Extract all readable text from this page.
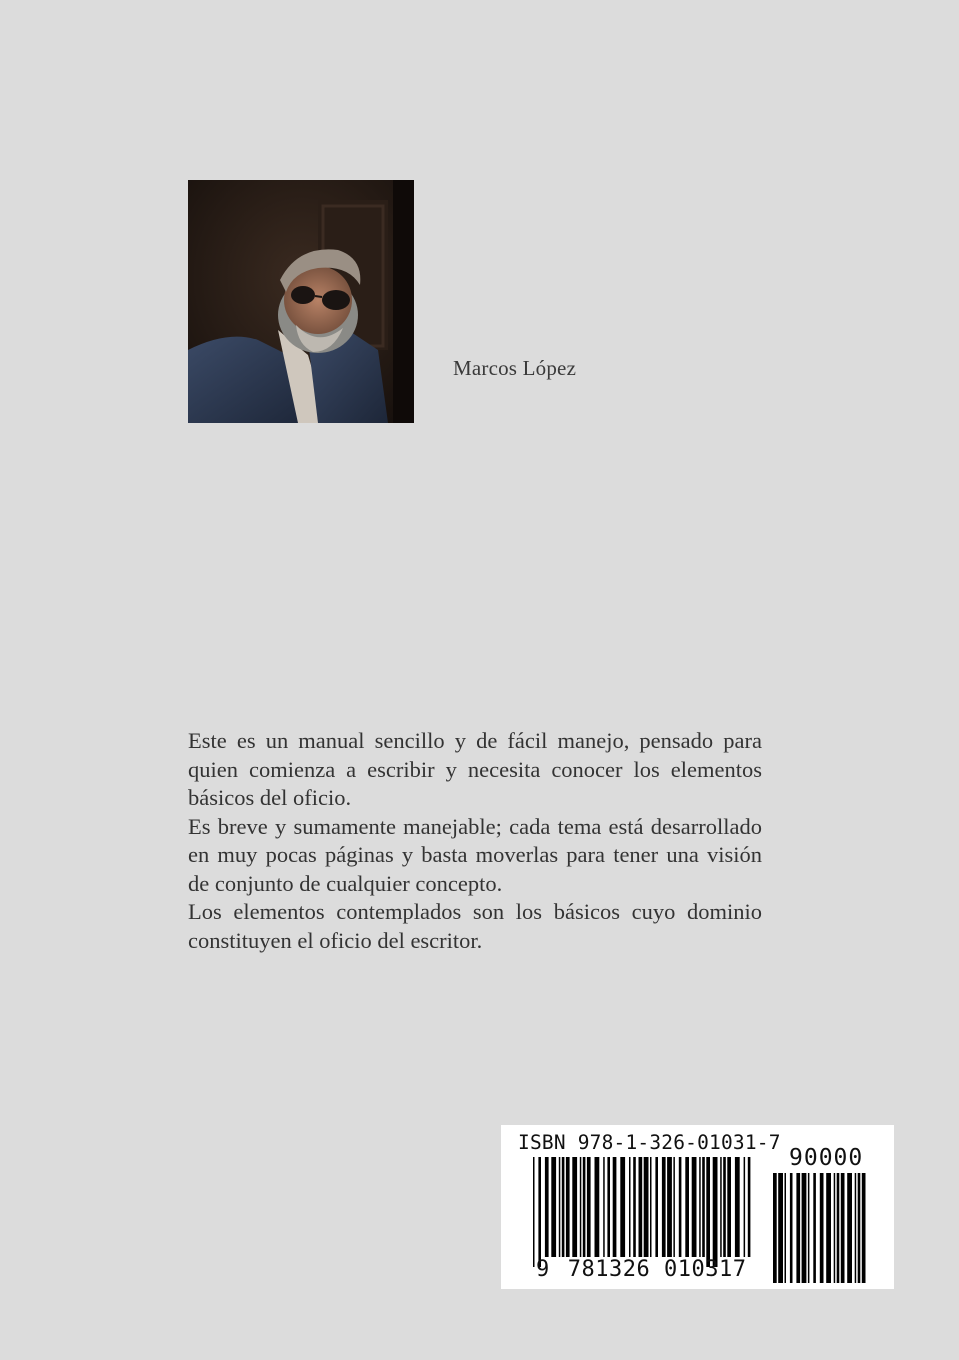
Marcos López

Este es un manual sencillo y de fácil manejo, pensado para quien comienza a escribir y necesita conocer los elementos básicos del oficio.

Es breve y sumamente manejable; cada tema está desarrollado en muy pocas páginas y basta moverlas para tener una visión de conjunto de cualquier concepto.

Los elementos contemplados son los básicos cuyo dominio constituyen el oficio del escritor.

ISBN 978-1-326-01031-7
90000
9 781326 010317
